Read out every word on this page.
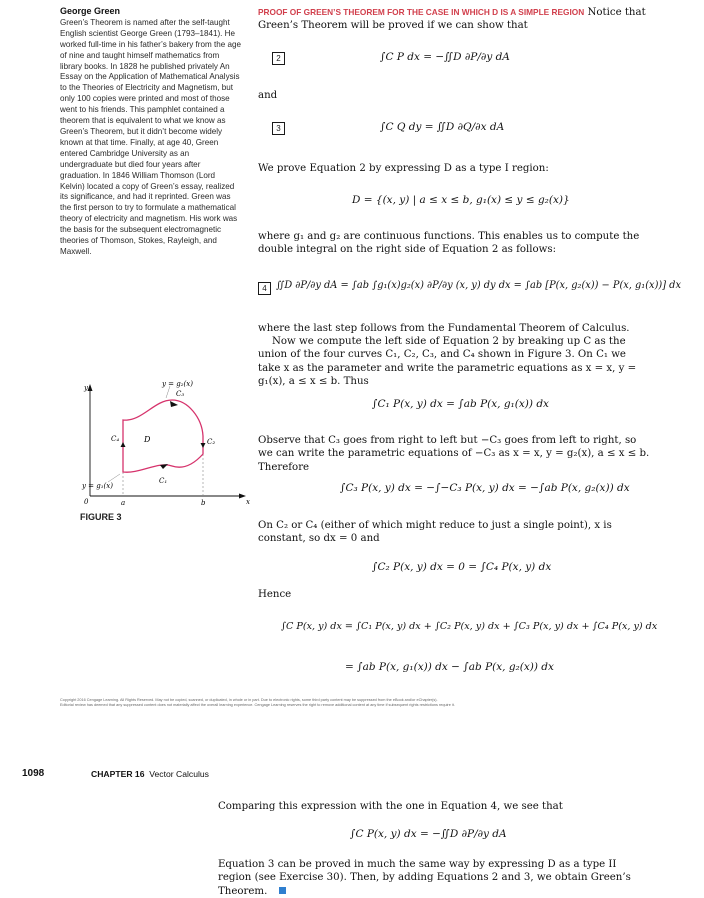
George Green

Green’s Theorem is named after the self-taught English scientist George Green (1793–1841). He worked full-time in his father’s bakery from the age of nine and taught himself mathematics from library books. In 1828 he published privately An Essay on the Application of Mathematical Analysis to the Theories of Electricity and Magnetism, but only 100 copies were printed and most of those went to his friends. This pamphlet contained a theorem that is equivalent to what we know as Green’s Theorem, but it didn’t become widely known at that time. Finally, at age 40, Green entered Cambridge University as an undergraduate but died four years after graduation. In 1846 William Thomson (Lord Kelvin) located a copy of Green’s essay, realized its significance, and had it reprinted. Green was the first person to try to formulate a mathematical theory of electricity and magnetism. His work was the basis for the subsequent electromagnetic theories of Thomson, Stokes, Rayleigh, and Maxwell.

PROOF OF GREEN’S THEOREM FOR THE CASE IN WHICH D IS A SIMPLE REGION Notice that Green’s Theorem will be proved if we can show that

2	∫C P dx = −∬D ∂P/∂y dA
and
3	∫C Q dy = ∬D ∂Q/∂x dA
We prove Equation 2 by expressing D as a type I region:
D = {(x, y) | a ≤ x ≤ b, g₁(x) ≤ y ≤ g₂(x)}
where g₁ and g₂ are continuous functions. This enables us to compute the double integral on the right side of Equation 2 as follows:
4 ∬D ∂P/∂y dA = ∫ab ∫g₁(x)g₂(x) ∂P/∂y (x, y) dy dx = ∫ab [P(x, g₂(x)) − P(x, g₁(x))] dx
where the last step follows from the Fundamental Theorem of Calculus.
Now we compute the left side of Equation 2 by breaking up C as the union of the four curves C₁, C₂, C₃, and C₄ shown in Figure 3. On C₁ we take x as the parameter and write the parametric equations as x = x, y = g₁(x), a ≤ x ≤ b. Thus
∫C₁ P(x, y) dx = ∫ab P(x, g₁(x)) dx
Observe that C₃ goes from right to left but −C₃ goes from left to right, so we can write the parametric equations of −C₃ as x = x, y = g₂(x), a ≤ x ≤ b. Therefore
∫C₃ P(x, y) dx = −∫−C₃ P(x, y) dx = −∫ab P(x, g₂(x)) dx
On C₂ or C₄ (either of which might reduce to just a single point), x is constant, so dx = 0 and
∫C₂ P(x, y) dx = 0 = ∫C₄ P(x, y) dx
Hence
∫C P(x, y) dx = ∫C₁ P(x, y) dx + ∫C₂ P(x, y) dx + ∫C₃ P(x, y) dx + ∫C₄ P(x, y) dx
= ∫ab P(x, g₁(x)) dx − ∫ab P(x, g₂(x)) dx
y
x
0	a	b
y = g₂(x)
y = g₁(x)
D
C₁
C₂
C₃
C₄
FIGURE 3
Copyright 2016 Cengage Learning. All Rights Reserved. May not be copied, scanned, or duplicated, in whole or in part. Due to electronic rights, some third party content may be suppressed from the eBook and/or eChapter(s).
Editorial review has deemed that any suppressed content does not materially affect the overall learning experience. Cengage Learning reserves the right to remove additional content at any time if subsequent rights restrictions require it.
1098	CHAPTER 16 Vector Calculus
Comparing this expression with the one in Equation 4, we see that
∫C P(x, y) dx = −∬D ∂P/∂y dA
Equation 3 can be proved in much the same way by expressing D as a type II region (see Exercise 30). Then, by adding Equations 2 and 3, we obtain Green’s Theorem.
